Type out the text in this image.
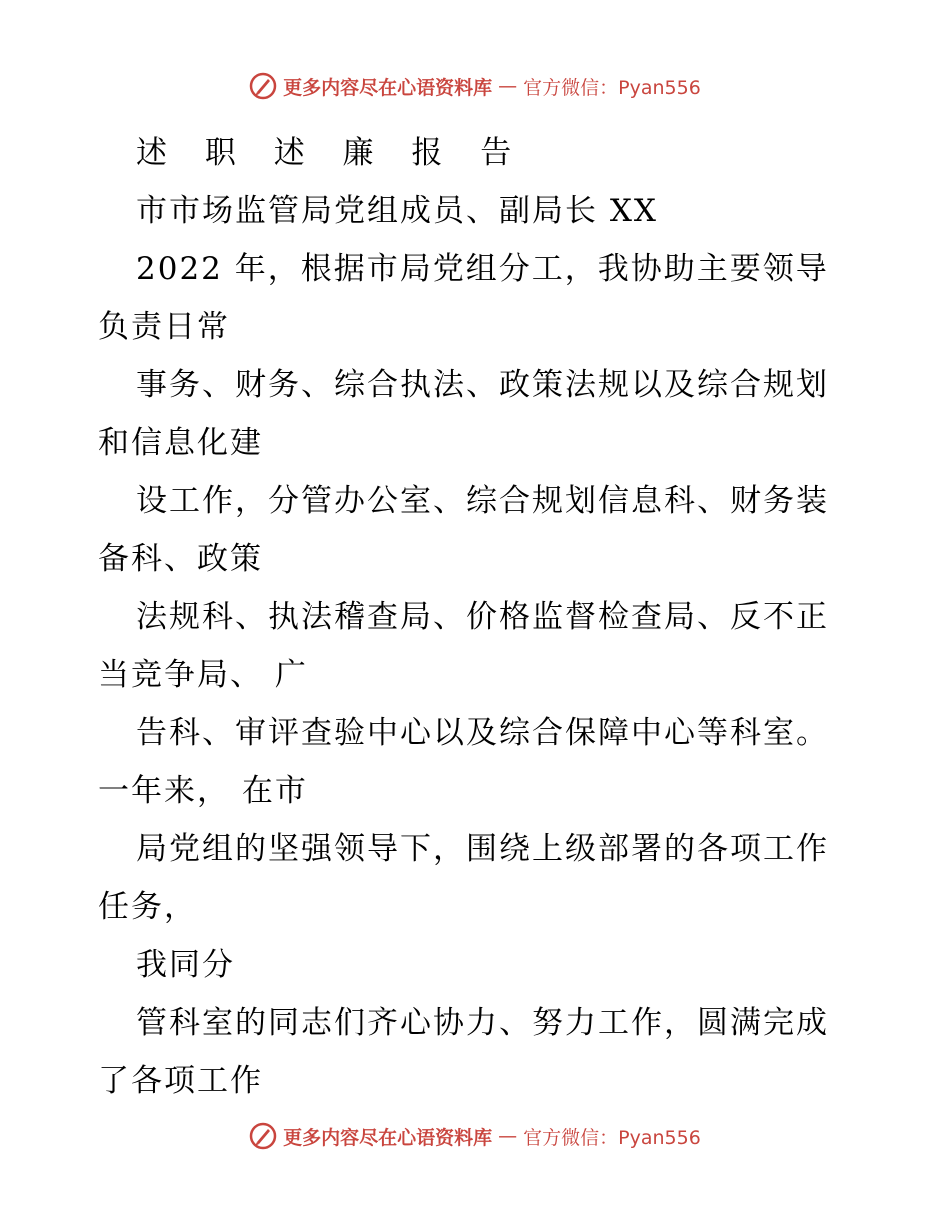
更多内容尽在心语资料库 — 官方微信：Pyan556
述 职 述 廉 报 告
市市场监管局党组成员、副局长 XX
2022 年，根据市局党组分工，我协助主要领导
负责日常
事务、财务、综合执法、政策法规以及综合规划
和信息化建
设工作，分管办公室、综合规划信息科、财务装
备科、政策
法规科、执法稽查局、价格监督检查局、反不正
当竞争局、 广
告科、审评查验中心以及综合保障中心等科室。
一年来， 在市
局党组的坚强领导下，围绕上级部署的各项工作
任务，
我同分
管科室的同志们齐心协力、努力工作，圆满完成
了各项工作
更多内容尽在心语资料库 — 官方微信：Pyan556
